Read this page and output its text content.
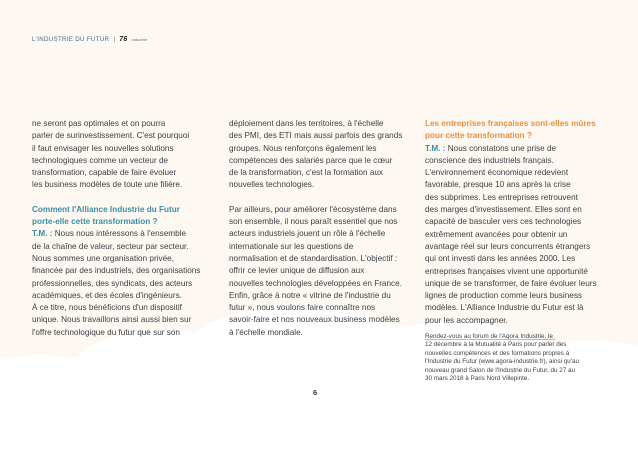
L'INDUSTRIE DU FUTUR | 76 industrie

ne seront pas optimales et on pourra

parler de surinvestissement. C'est pourquoi

il faut envisager les nouvelles solutions

technologiques comme un vecteur de

transformation, capable de faire évoluer

les business modèles de toute une filière.

Comment l'Alliance Industrie du Futur

porte-elle cette transformation ?

T.M. : Nous nous intéressons à l'ensemble

de la chaîne de valeur, secteur par secteur.

Nous sommes une organisation privée,

financée par des industriels, des organisations

professionnelles, des syndicats, des acteurs

académiques, et des écoles d'ingénieurs.

À ce titre, nous bénéficions d'un dispositif

unique. Nous travaillons ainsi aussi bien sur

l'offre technologique du futur que sur son

déploiement dans les territoires, à l'échelle

des PMI, des ETI mais aussi parfois des grands

groupes. Nous renforçons également les

compétences des salariés parce que le cœur

de la transformation, c'est la formation aux

nouvelles technologies.

Par ailleurs, pour améliorer l'écosystème dans

son ensemble, il nous paraît essentiel que nos

acteurs industriels jouent un rôle à l'échelle

internationale sur les questions de

normalisation et de standardisation. L'objectif :

offrir ce levier unique de diffusion aux

nouvelles technologies développées en France.

Enfin, grâce à notre « vitrine de l'industrie du

futur », nous voulons faire connaître nos

savoir-faire et nos nouveaux business modèles

à l'échelle mondiale.

Les entreprises françaises sont-elles mûres

pour cette transformation ?

T.M. : Nous constatons une prise de

conscience des industriels français.

L'environnement économique redevient

favorable, presque 10 ans après la crise

des subprimes. Les entreprises retrouvent

des marges d'investissement. Elles sont en

capacité de basculer vers ces technologies

extrêmement avancées pour obtenir un

avantage réel sur leurs concurrents étrangers

qui ont investi dans les années 2000. Les

entreprises françaises vivent une opportunité

unique de se transformer, de faire évoluer leurs

lignes de production comme leurs business

modèles. L'Alliance Industrie du Futur est là

pour les accompagner.

Rendez-vous au forum de l'Agora Industrie, le

12 décembre à la Mutualité à Paris pour parler des

nouvelles compétences et des formations propres à

l'Industrie du Futur (www.agora-industrie.fr), ainsi qu'au

nouveau grand Salon de l'Industrie du Futur, du 27 au

30 mars 2018 à Paris Nord Villepinte.

6
